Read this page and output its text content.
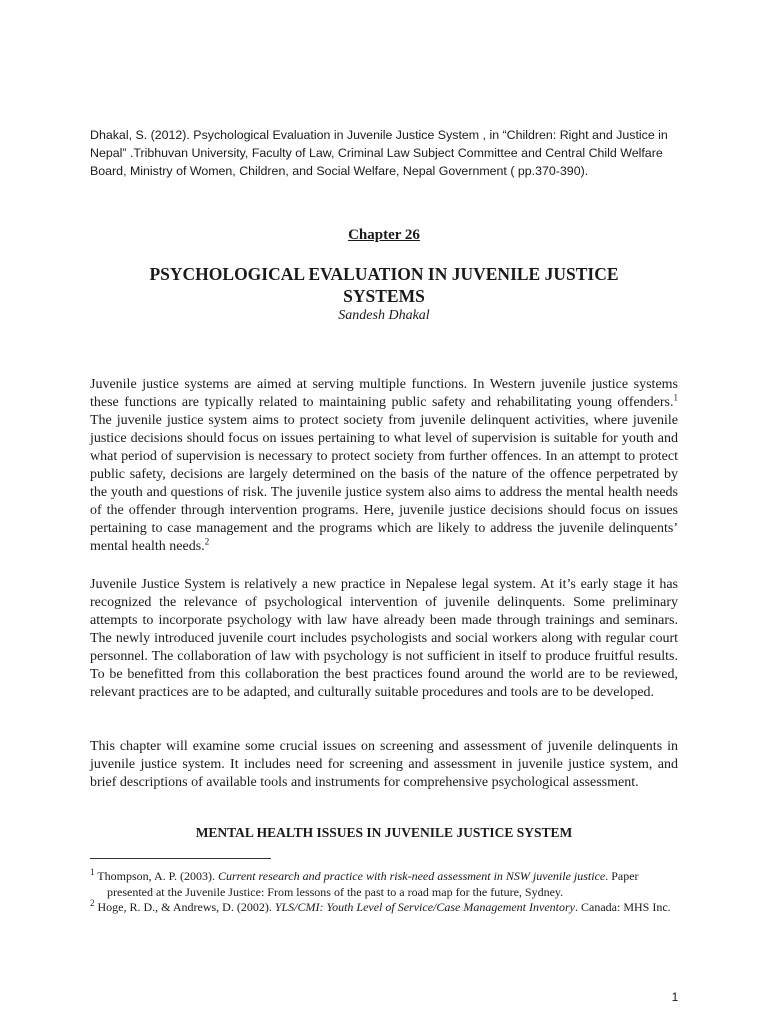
Dhakal, S. (2012). Psychological Evaluation in Juvenile Justice System , in “Children: Right and Justice in Nepal” .Tribhuvan University, Faculty of Law, Criminal Law Subject Committee and Central Child Welfare Board, Ministry of Women, Children, and Social Welfare, Nepal Government ( pp.370-390).
Chapter 26
PSYCHOLOGICAL EVALUATION IN JUVENILE JUSTICE SYSTEMS
Sandesh Dhakal

Juvenile justice systems are aimed at serving multiple functions. In Western juvenile justice systems these functions are typically related to maintaining public safety and rehabilitating young offenders.$^1$ The juvenile justice system aims to protect society from juvenile delinquent activities, where juvenile justice decisions should focus on issues pertaining to what level of supervision is suitable for youth and what period of supervision is necessary to protect society from further offences. In an attempt to protect public safety, decisions are largely determined on the basis of the nature of the offence perpetrated by the youth and questions of risk. The juvenile justice system also aims to address the mental health needs of the offender through intervention programs. Here, juvenile justice decisions should focus on issues pertaining to case management and the programs which are likely to address the juvenile delinquents’ mental health needs.$^2$

Juvenile Justice System is relatively a new practice in Nepalese legal system. At it’s early stage it has recognized the relevance of psychological intervention of juvenile delinquents. Some preliminary attempts to incorporate psychology with law have already been made through trainings and seminars. The newly introduced juvenile court includes psychologists and social workers along with regular court personnel. The collaboration of law with psychology is not sufficient in itself to produce fruitful results. To be benefitted from this collaboration the best practices found around the world are to be reviewed, relevant practices are to be adapted, and culturally suitable procedures and tools are to be developed.

This chapter will examine some crucial issues on screening and assessment of juvenile delinquents in juvenile justice system. It includes need for screening and assessment in juvenile justice system, and brief descriptions of available tools and instruments for comprehensive psychological assessment.

MENTAL HEALTH ISSUES IN JUVENILE JUSTICE SYSTEM

$^1$ Thompson, A. P. (2003). Current research and practice with risk-need assessment in NSW juvenile justice. Paper presented at the Juvenile Justice: From lessons of the past to a road map for the future, Sydney.

$^2$ Hoge, R. D., & Andrews, D. (2002). YLS/CMI: Youth Level of Service/Case Management Inventory. Canada: MHS Inc.

1
